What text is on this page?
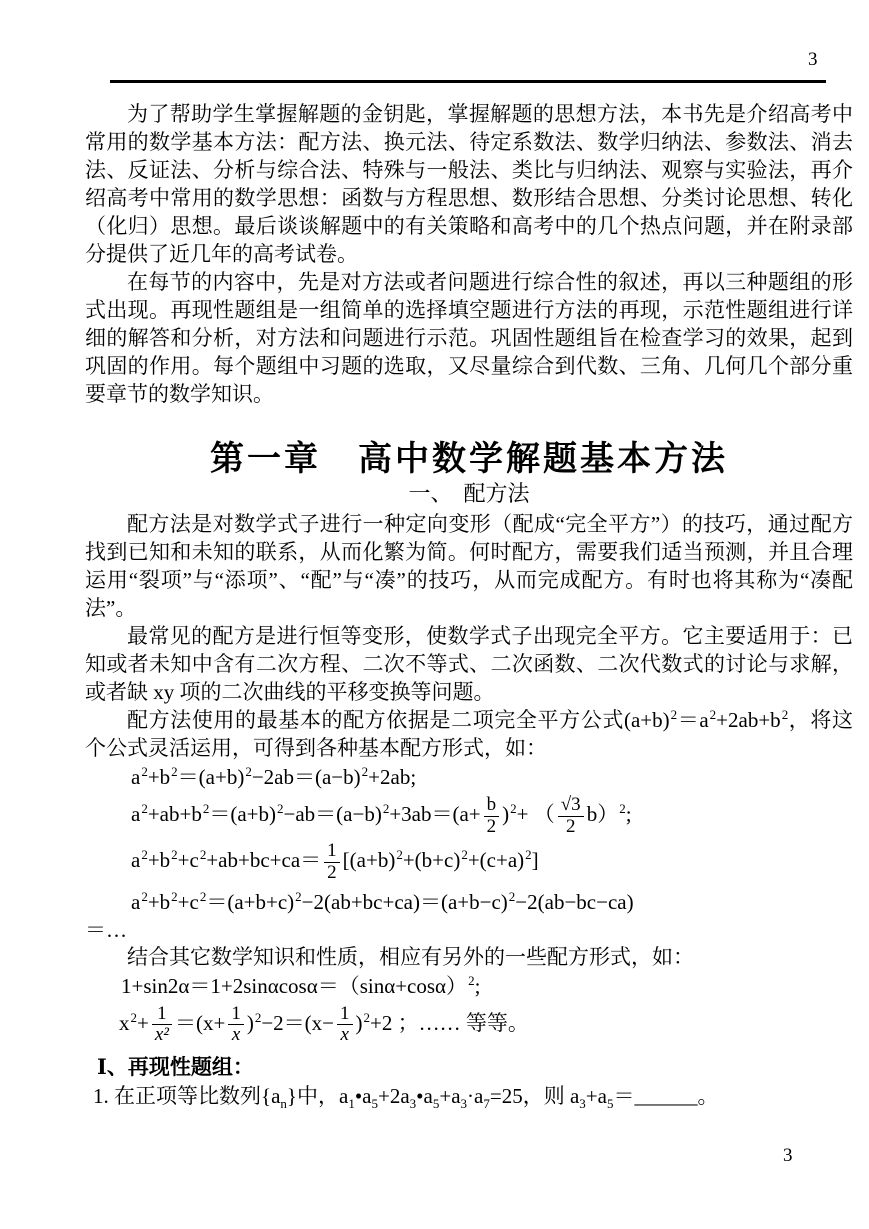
3
为了帮助学生掌握解题的金钥匙，掌握解题的思想方法，本书先是介绍高考中常用的数学基本方法：配方法、换元法、待定系数法、数学归纳法、参数法、消去法、反证法、分析与综合法、特殊与一般法、类比与归纳法、观察与实验法，再介绍高考中常用的数学思想：函数与方程思想、数形结合思想、分类讨论思想、转化（化归）思想。最后谈谈解题中的有关策略和高考中的几个热点问题，并在附录部分提供了近几年的高考试卷。
在每节的内容中，先是对方法或者问题进行综合性的叙述，再以三种题组的形式出现。再现性题组是一组简单的选择填空题进行方法的再现，示范性题组进行详细的解答和分析，对方法和问题进行示范。巩固性题组旨在检查学习的效果，起到巩固的作用。每个题组中习题的选取，又尽量综合到代数、三角、几何几个部分重要章节的数学知识。
第一章　高中数学解题基本方法
一、　配方法
配方法是对数学式子进行一种定向变形（配成“完全平方”）的技巧，通过配方找到已知和未知的联系，从而化繁为简。何时配方，需要我们适当预测，并且合理运用“裂项”与“添项”、“配”与“凑”的技巧，从而完成配方。有时也将其称为“凑配法”。
最常见的配方是进行恒等变形，使数学式子出现完全平方。它主要适用于：已知或者未知中含有二次方程、二次不等式、二次函数、二次代数式的讨论与求解，或者缺 xy 项的二次曲线的平移变换等问题。
配方法使用的最基本的配方依据是二项完全平方公式$(a+b)^2=a^2+2ab+b^2$，将这个公式灵活运用，可得到各种基本配方形式，如：
$a^2+b^2=(a+b)^2-2ab=(a-b)^2+2ab$;
$a^2+ab+b^2=(a+b)^2-ab=(a-b)^2+3ab=(a+ \frac{b}{2} )^2+$ （ $\frac{√3}{2} b)^2$;
$a^2+b^2+c^2+ab+bc+ca= \frac{1}{2} [(a+b)^2+(b+c)^2+(c+a)^2]$
$a^2+b^2+c^2=(a+b+c)^2-2(ab+bc+ca)=(a+b-c)^2-2(ab-bc-ca)$
＝…
结合其它数学知识和性质，相应有另外的一些配方形式，如：
$1+\sin 2\alpha=1+2\sin\alpha\cos\alpha=(\sin\alpha+\cos\alpha)^2$;
$x^2+ \frac{1}{\text{x²}} =(x+ \frac{1}{x} )^2-2=(x- \frac{1}{x} )^2+2$ ；…… 等等。
Ⅰ、再现性题组：
1. 在正项等比数列$\{a_n\}$中，$a_1•a_5+2a_3•a_5+a_3\cdot a_7=25$，则 $a_3+a_5=\_\_\_\_\_\_$。
3
